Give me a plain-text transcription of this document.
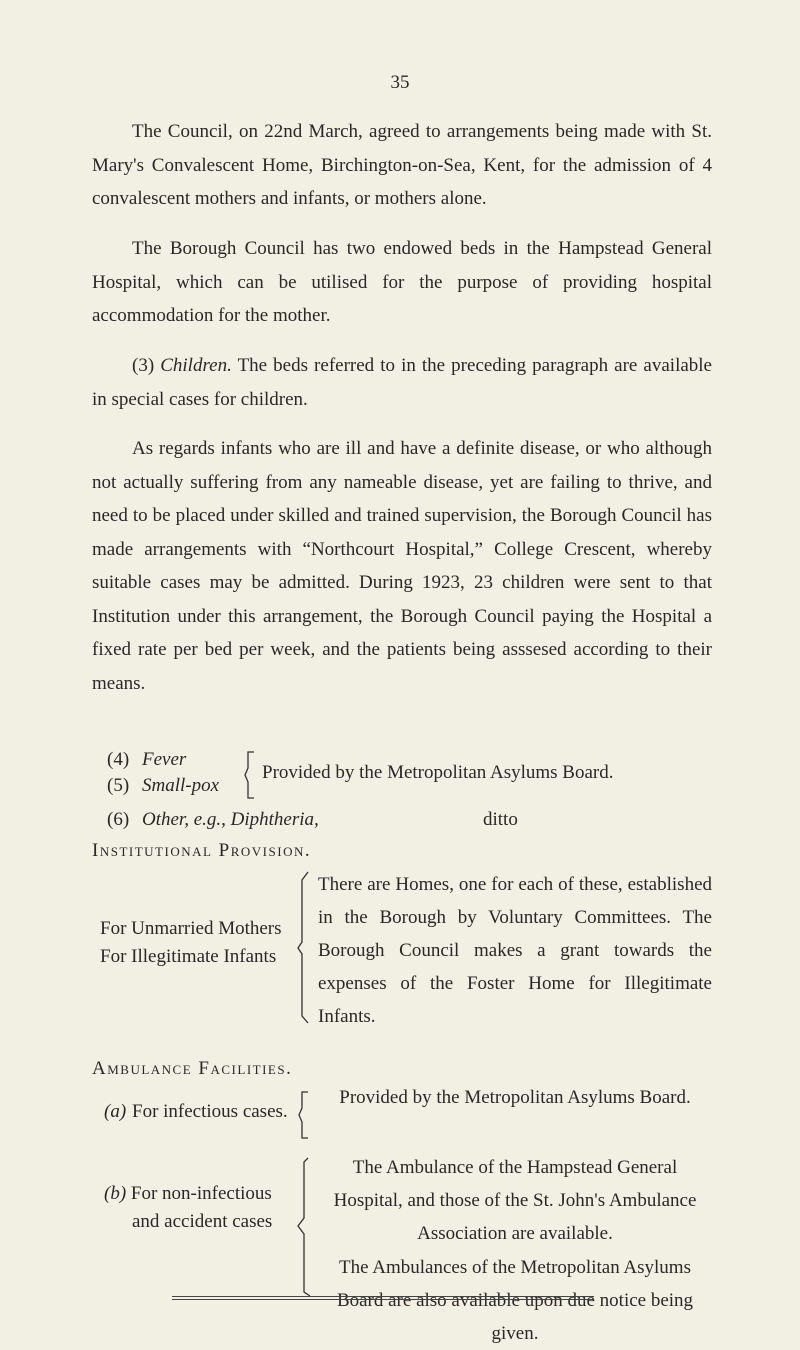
35

The Council, on 22nd March, agreed to arrangements being made with St. Mary's Convalescent Home, Birchington-on-Sea, Kent, for the admission of 4 convalescent mothers and infants, or mothers alone.

The Borough Council has two endowed beds in the Hampstead General Hospital, which can be utilised for the purpose of providing hospital accommodation for the mother.

(3) Children. The beds referred to in the preceding paragraph are available in special cases for children.

As regards infants who are ill and have a definite disease, or who although not actually suffering from any nameable disease, yet are failing to thrive, and need to be placed under skilled and trained supervision, the Borough Council has made arrangements with “Northcourt Hospital,” College Crescent, whereby suitable cases may be admitted. During 1923, 23 children were sent to that Institution under this arrangement, the Borough Council paying the Hospital a fixed rate per bed per week, and the patients being asssesed according to their means.

(4) Fever
(5) Small-pox
Provided by the Metropolitan Asylums Board.
(6) Other, e.g., Diphtheria,	ditto
Institutional Provision.
For Unmarried Mothers
For Illegitimate Infants
There are Homes, one for each of these, established in the Borough by Voluntary Committees. The Borough Council makes a grant towards the expenses of the Foster Home for Illegitimate Infants.
Ambulance Facilities.
(a) For infectious cases.
Provided by the Metropolitan Asylums Board.
(b) For non-infectious
and accident cases
The Ambulance of the Hampstead General Hospital, and those of the St. John's Ambulance Association are available.
The Ambulances of the Metropolitan Asylums Board are also available upon due notice being given.
